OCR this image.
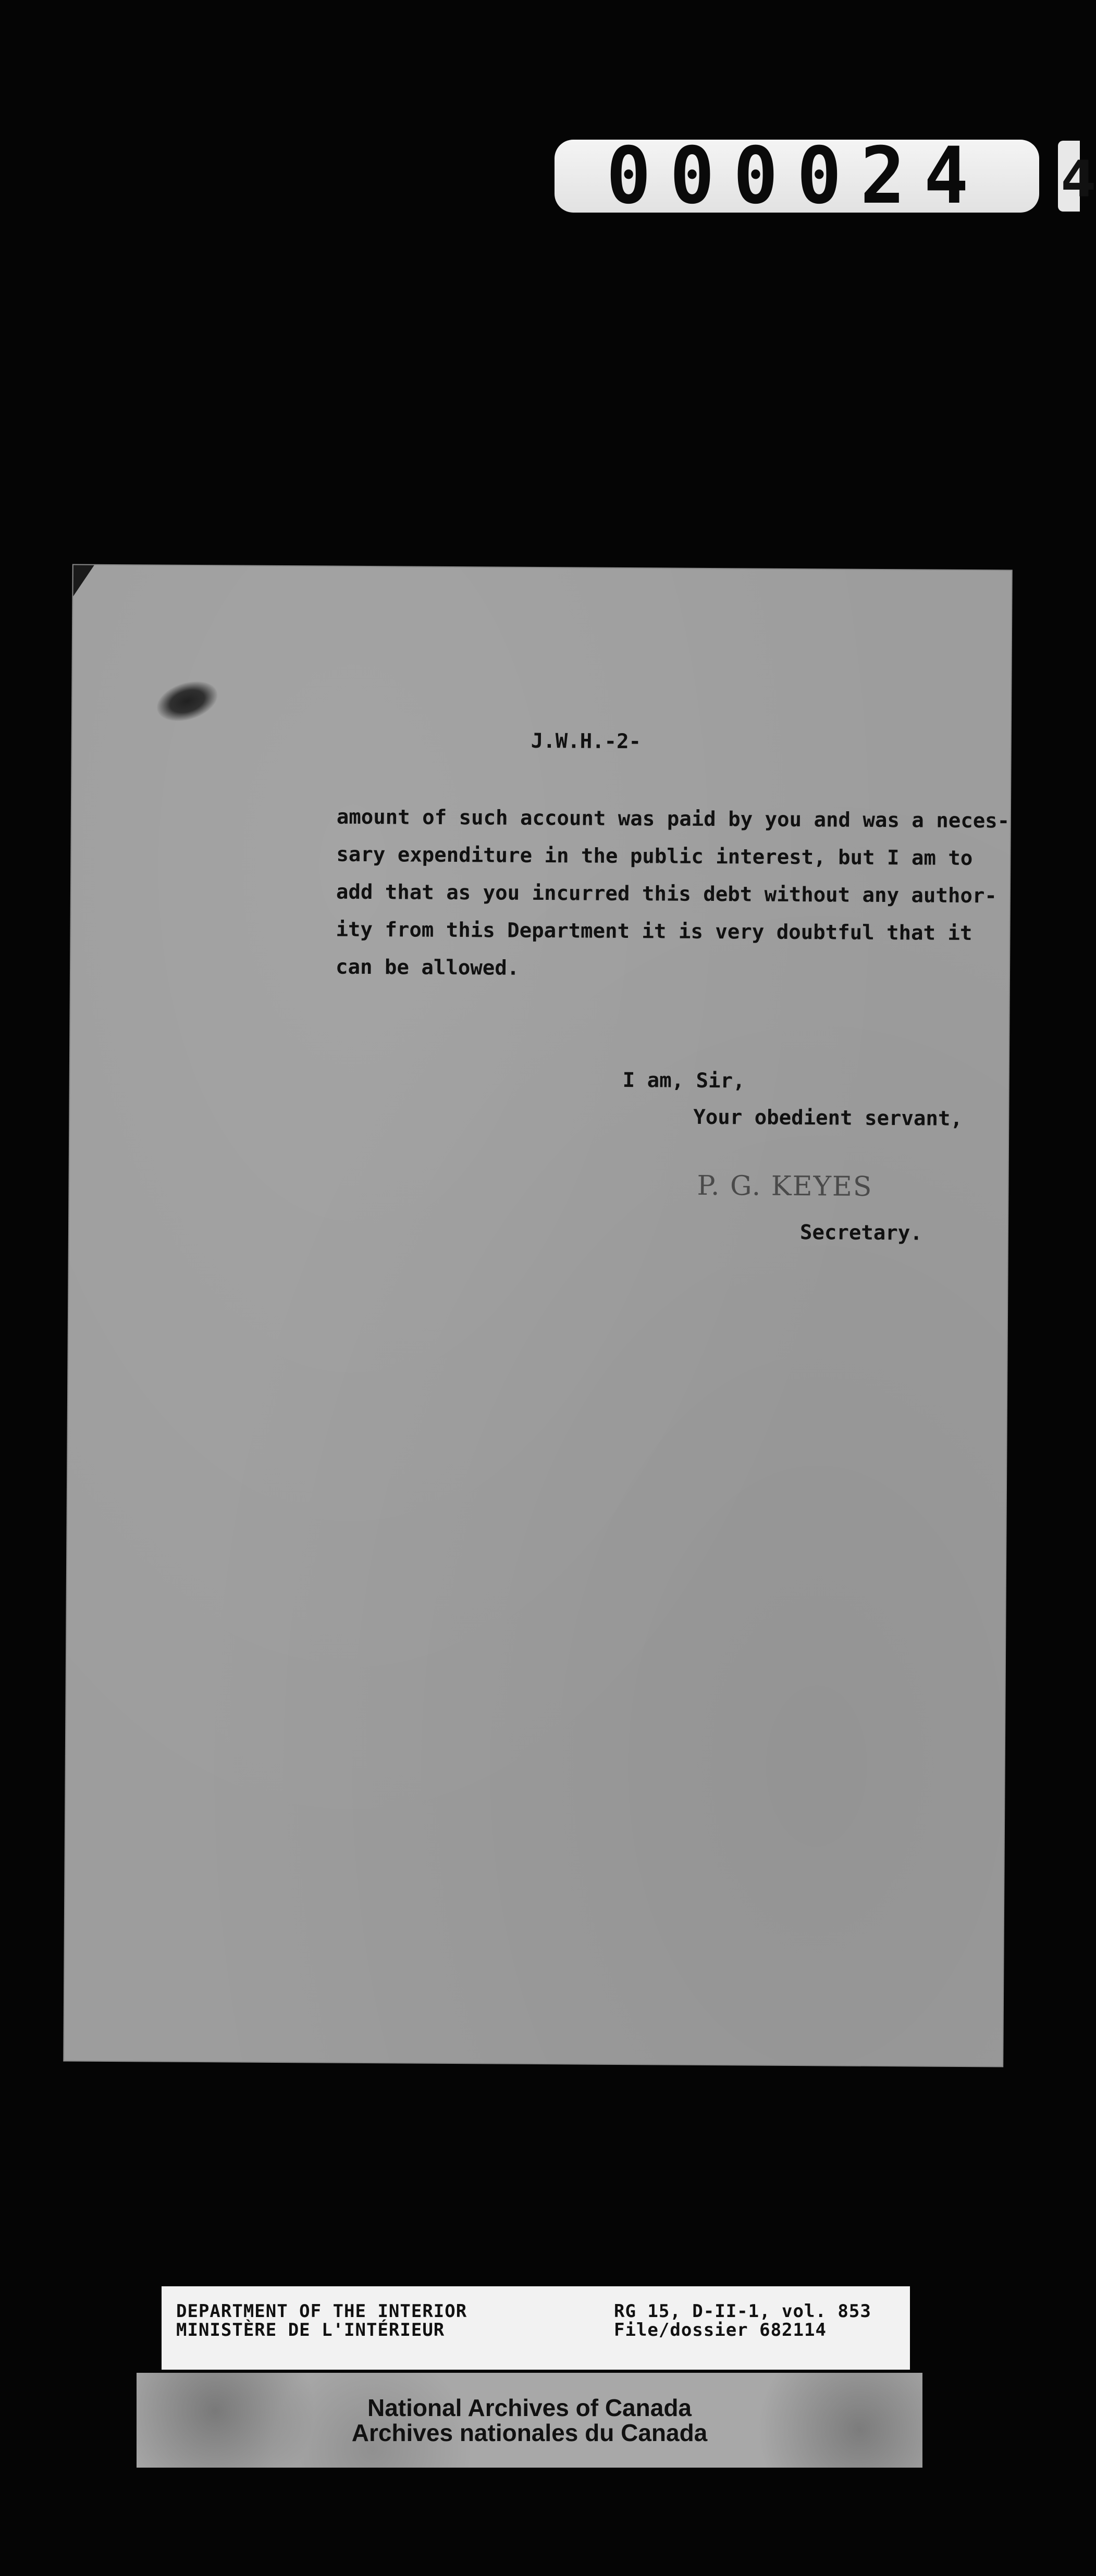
000024 4
J.W.H.-2-
amount of such account was paid by you and was a neces-
sary expenditure in the public interest, but I am to
add that as you incurred this debt without any author-
ity from this Department it is very doubtful that it
can be allowed.
I am, Sir,
Your obedient servant,
P. G. KEYES
Secretary.
DEPARTMENT OF THE INTERIOR
MINISTÈRE DE L'INTÉRIEUR
RG 15, D-II-1, vol. 853
File/dossier 682114
National Archives of Canada
Archives nationales du Canada
